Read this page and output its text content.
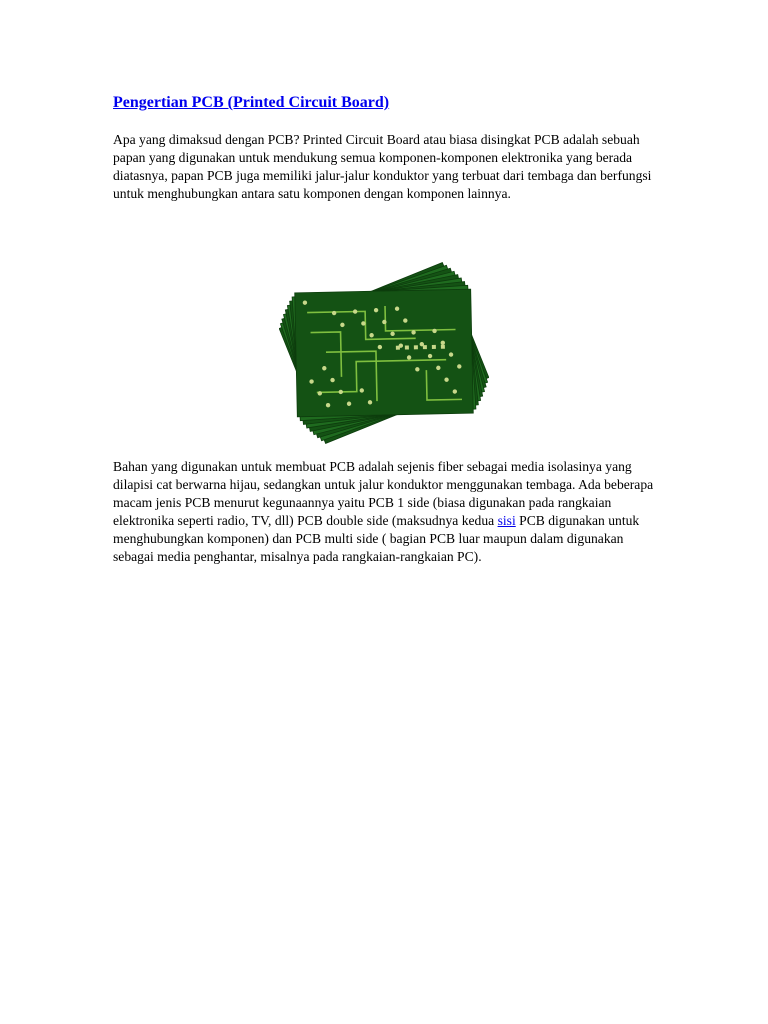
Pengertian PCB (Printed Circuit Board)

Apa yang dimaksud dengan PCB? Printed Circuit Board atau biasa disingkat PCB adalah sebuah papan yang digunakan untuk mendukung semua komponen-komponen elektronika yang berada diatasnya, papan PCB juga memiliki jalur-jalur konduktor yang terbuat dari tembaga dan berfungsi untuk menghubungkan antara satu komponen dengan komponen lainnya.

Bahan yang digunakan untuk membuat PCB adalah sejenis fiber sebagai media isolasinya yang dilapisi cat berwarna hijau, sedangkan untuk jalur konduktor menggunakan tembaga. Ada beberapa macam jenis PCB menurut kegunaannya yaitu PCB 1 side (biasa digunakan pada rangkaian elektronika seperti radio, TV, dll) PCB double side (maksudnya kedua sisi PCB digunakan untuk menghubungkan komponen) dan PCB multi side ( bagian PCB luar maupun dalam digunakan sebagai media penghantar, misalnya pada rangkaian-rangkaian PC).
